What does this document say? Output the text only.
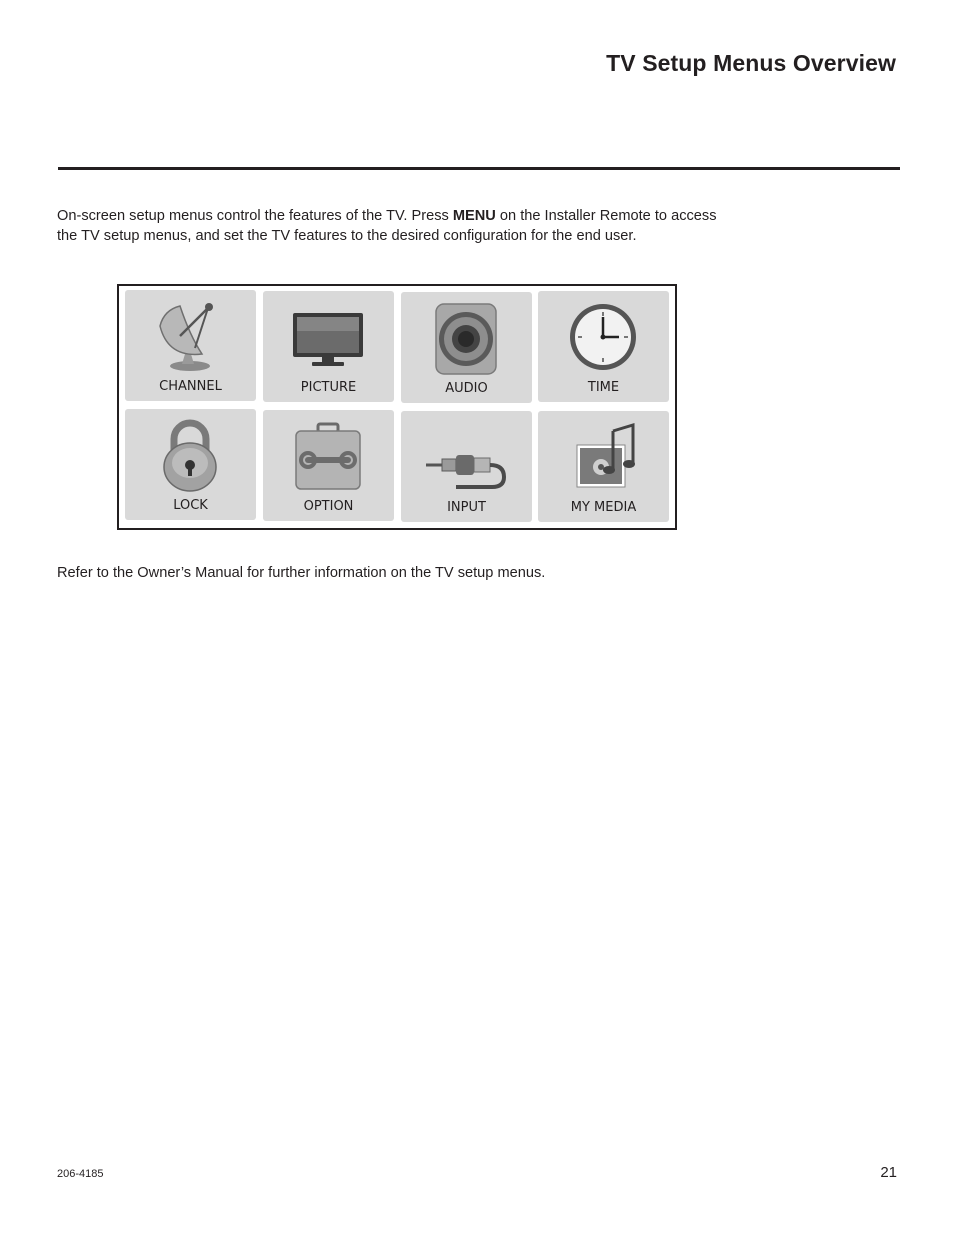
TV Setup Menus Overview

On-screen setup menus control the features of the TV. Press MENU on the Installer Remote to access
the TV setup menus, and set the TV features to the desired configuration for the end user.

CHANNEL	PICTURE	AUDIO	TIME
LOCK	OPTION	INPUT	MY MEDIA

Refer to the Owner’s Manual for further information on the TV setup menus.

206-4185	21
